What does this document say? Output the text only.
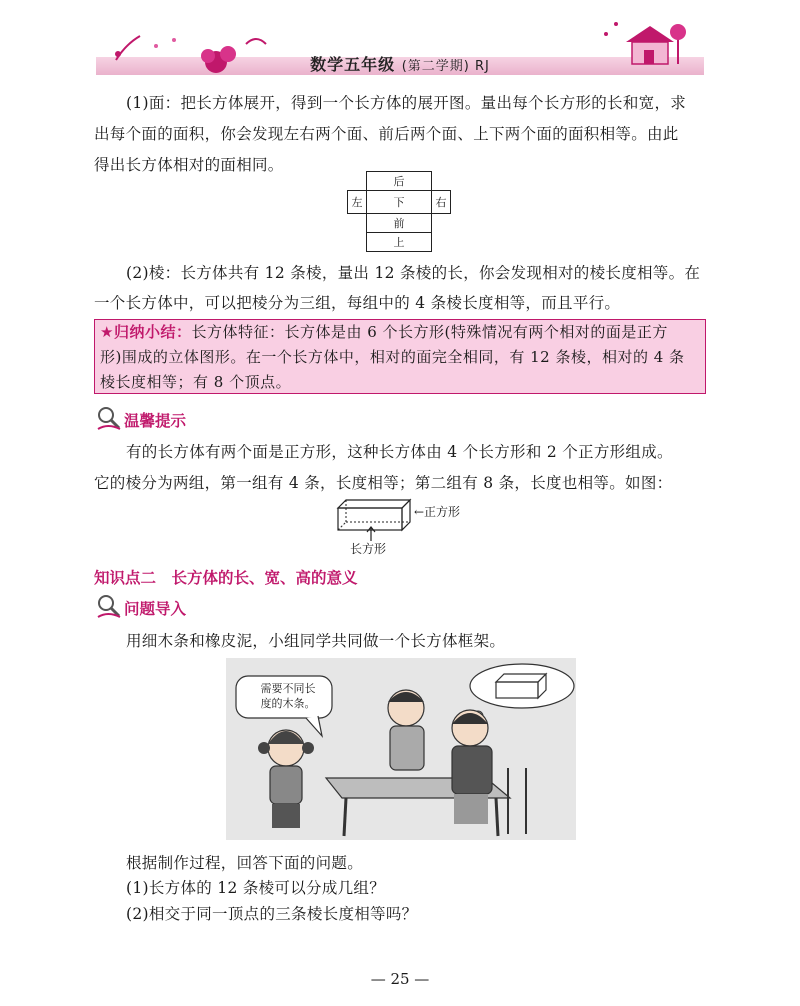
数学五年级 (第二学期) RJ
(1)面：把长方体展开，得到一个长方体的展开图。量出每个长方形的长和宽，求
出每个面的面积，你会发现左右两个面、前后两个面、上下两个面的面积相等。由此
得出长方体相对的面相同。
后
左	下	右
前
上
(2)棱：长方体共有 12 条棱，量出 12 条棱的长，你会发现相对的棱长度相等。在
一个长方体中，可以把棱分为三组，每组中的 4 条棱长度相等，而且平行。
★归纳小结：长方体特征：长方体是由 6 个长方形(特殊情况有两个相对的面是正方
形)围成的立体图形。在一个长方体中，相对的面完全相同，有 12 条棱，相对的 4 条
棱长度相等；有 8 个顶点。
温馨提示
有的长方体有两个面是正方形，这种长方体由 4 个长方形和 2 个正方形组成。
它的棱分为两组，第一组有 4 条，长度相等；第二组有 8 条，长度也相等。如图：
←正方形
长方形
知识点二　长方体的长、宽、高的意义
问题导入
用细木条和橡皮泥，小组同学共同做一个长方体框架。
需要不同长
度的木条。
根据制作过程，回答下面的问题。
(1)长方体的 12 条棱可以分成几组？
(2)相交于同一顶点的三条棱长度相等吗？
— 25 —
